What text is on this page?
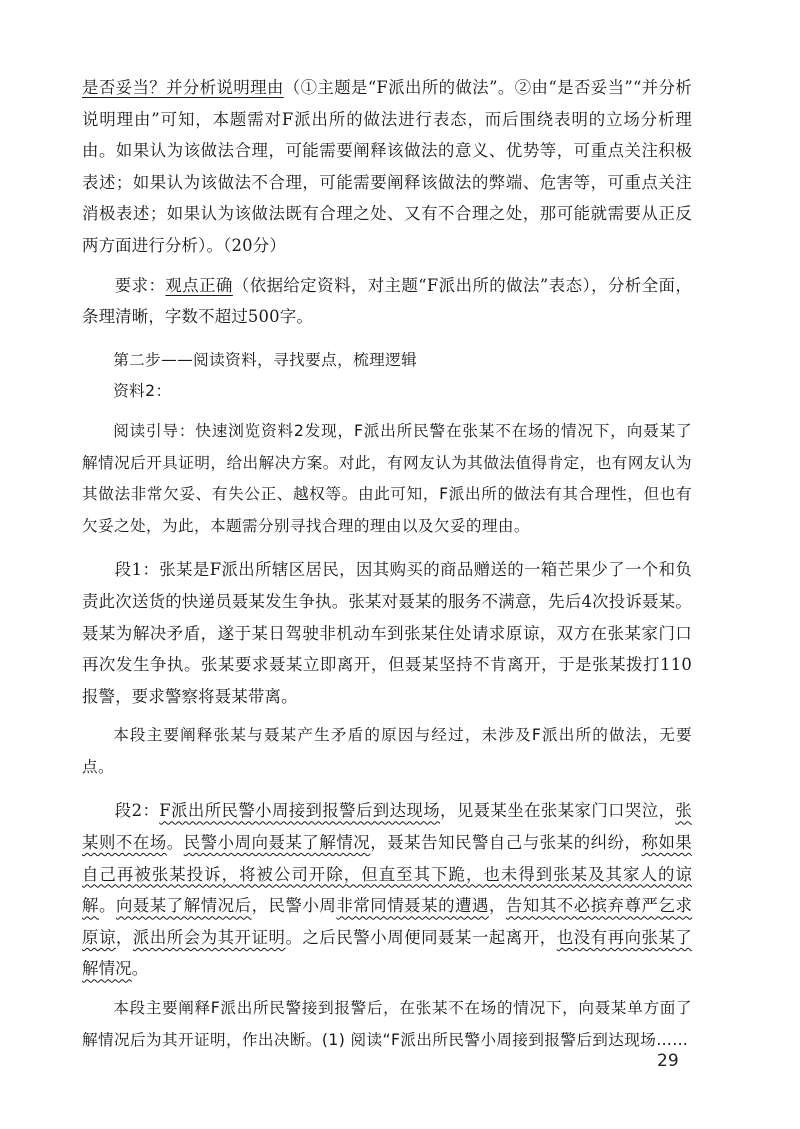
是否妥当？并分析说明理由（①主题是“F派出所的做法”。②由“是否妥当”“并分析说明理由”可知，本题需对F派出所的做法进行表态，而后围绕表明的立场分析理由。如果认为该做法合理，可能需要阐释该做法的意义、优势等，可重点关注积极表述；如果认为该做法不合理，可能需要阐释该做法的弊端、危害等，可重点关注消极表述；如果认为该做法既有合理之处、又有不合理之处，那可能就需要从正反两方面进行分析）。（20分）

要求：观点正确（依据给定资料，对主题“F派出所的做法”表态），分析全面，条理清晰，字数不超过500字。

第二步——阅读资料，寻找要点，梳理逻辑

资料2：

阅读引导：快速浏览资料2发现，F派出所民警在张某不在场的情况下，向聂某了解情况后开具证明，给出解决方案。对此，有网友认为其做法值得肯定，也有网友认为其做法非常欠妥、有失公正、越权等。由此可知，F派出所的做法有其合理性，但也有欠妥之处，为此，本题需分别寻找合理的理由以及欠妥的理由。

段1：张某是F派出所辖区居民，因其购买的商品赠送的一箱芒果少了一个和负责此次送货的快递员聂某发生争执。张某对聂某的服务不满意，先后4次投诉聂某。聂某为解决矛盾，遂于某日驾驶非机动车到张某住处请求原谅，双方在张某家门口再次发生争执。张某要求聂某立即离开，但聂某坚持不肯离开，于是张某拨打110报警，要求警察将聂某带离。

本段主要阐释张某与聂某产生矛盾的原因与经过，未涉及F派出所的做法，无要点。

段2：F派出所民警小周接到报警后到达现场，见聂某坐在张某家门口哭泣，张某则不在场。民警小周向聂某了解情况，聂某告知民警自己与张某的纠纷，称如果自己再被张某投诉，将被公司开除，但直至其下跪，也未得到张某及其家人的谅解。向聂某了解情况后，民警小周非常同情聂某的遭遇，告知其不必摈弃尊严乞求原谅，派出所会为其开证明。之后民警小周便同聂某一起离开，也没有再向张某了解情况。

本段主要阐释F派出所民警接到报警后，在张某不在场的情况下，向聂某单方面了解情况后为其开证明，作出决断。(1) 阅读“F派出所民警小周接到报警后到达现场……

29
